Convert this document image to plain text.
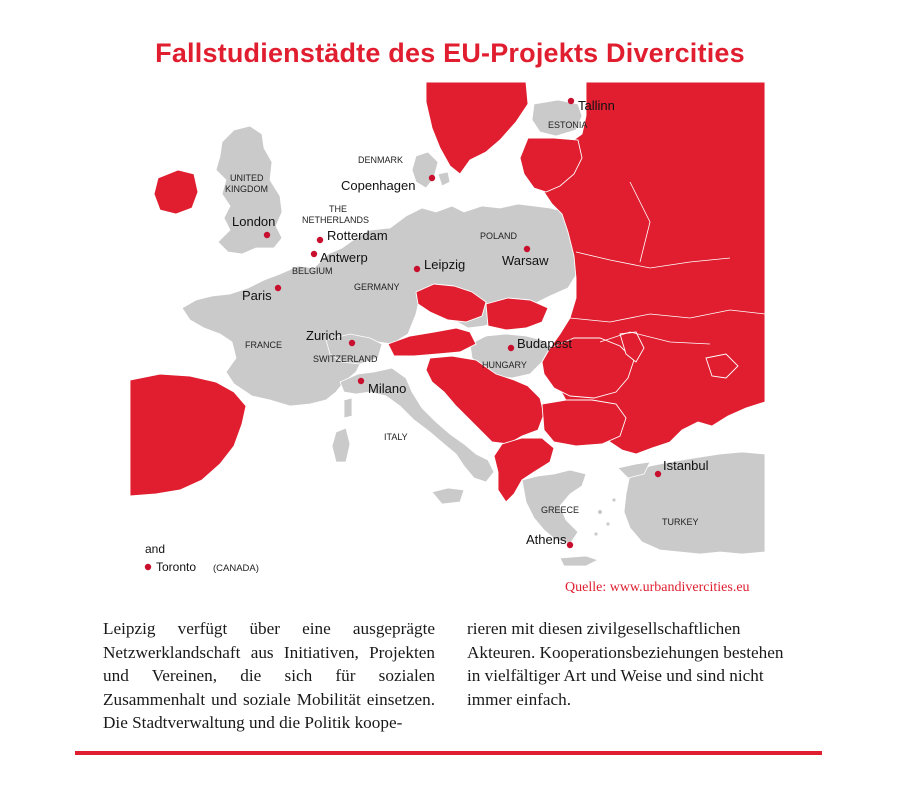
Fallstudienstädte des EU-Projekts Divercities
Tallinn
Copenhagen
London
Rotterdam
Antwerp	Leipzig	Warsaw
Paris
Zurich
Budapest
Milano
Istanbul
Athens
ESTONIA
DENMARK
UNITED
KINGDOM
THE
NETHERLANDS
POLAND
BELGIUM
GERMANY
FRANCE
SWITZERLAND
HUNGARY
ITALY
GREECE
TURKEY
and
Toronto (CANADA)
Quelle: www.urbandivercities.eu

Leipzig verfügt über eine ausgeprägte Netzwerklandschaft aus Initiativen, Projekten und Vereinen, die sich für sozialen Zusammenhalt und soziale Mobilität einsetzen. Die Stadtverwaltung und die Politik koope-

rieren mit diesen zivilgesellschaftlichen Akteuren. Kooperationsbeziehungen bestehen in vielfältiger Art und Weise und sind nicht immer einfach.
